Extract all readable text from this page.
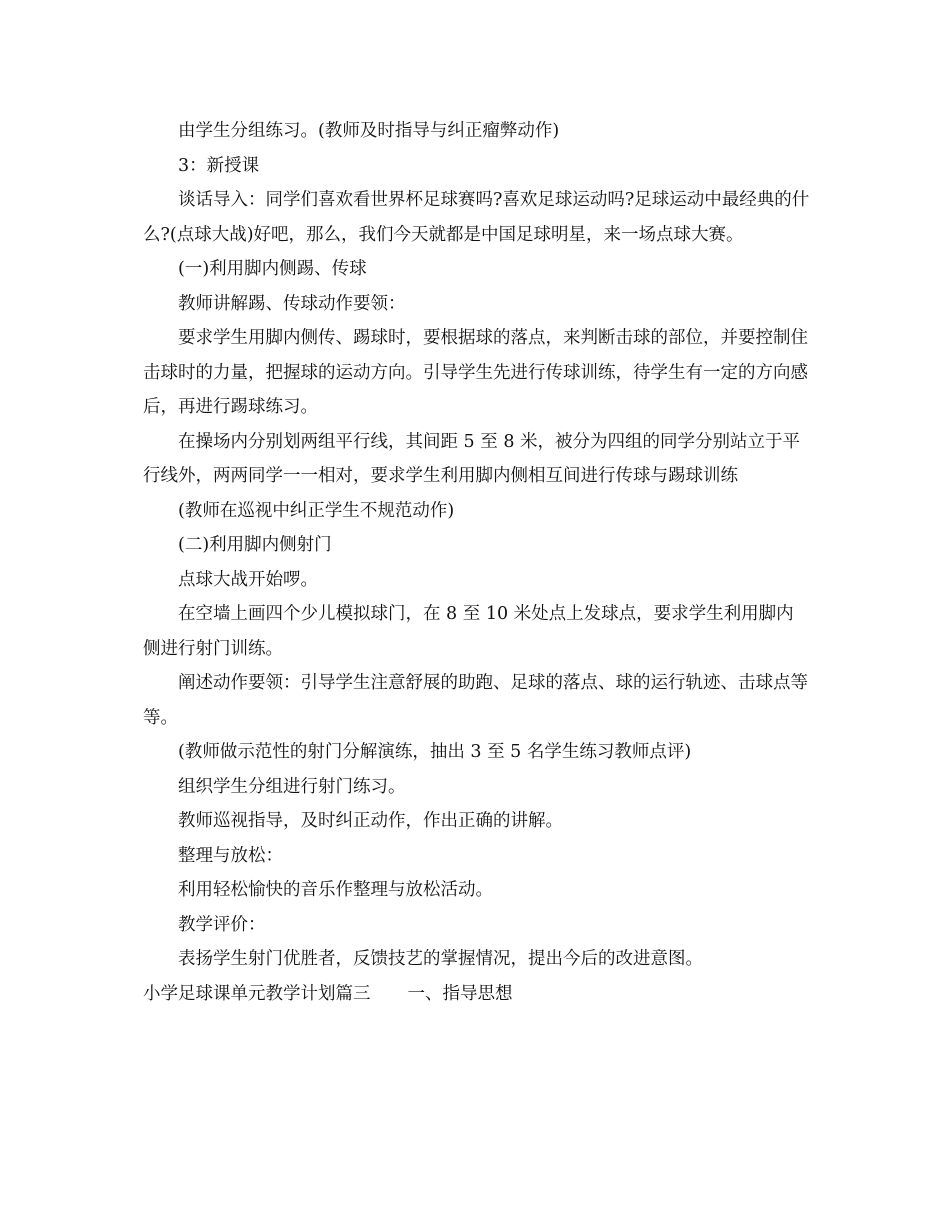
由学生分组练习。(教师及时指导与纠正瘤弊动作)

3：新授课

谈话导入：同学们喜欢看世界杯足球赛吗?喜欢足球运动吗?足球运动中最经典的什么?(点球大战)好吧，那么，我们今天就都是中国足球明星，来一场点球大赛。

(一)利用脚内侧踢、传球

教师讲解踢、传球动作要领：

要求学生用脚内侧传、踢球时，要根据球的落点，来判断击球的部位，并要控制住击球时的力量，把握球的运动方向。引导学生先进行传球训练，待学生有一定的方向感后，再进行踢球练习。

在操场内分别划两组平行线，其间距 5 至 8 米，被分为四组的同学分别站立于平行线外，两两同学一一相对，要求学生利用脚内侧相互间进行传球与踢球训练

(教师在巡视中纠正学生不规范动作)

(二)利用脚内侧射门

点球大战开始啰。

在空墙上画四个少儿模拟球门，在 8 至 10 米处点上发球点，要求学生利用脚内侧进行射门训练。

阐述动作要领：引导学生注意舒展的助跑、足球的落点、球的运行轨迹、击球点等等。

(教师做示范性的射门分解演练，抽出 3 至 5 名学生练习教师点评)

组织学生分组进行射门练习。

教师巡视指导，及时纠正动作，作出正确的讲解。

整理与放松：

利用轻松愉快的音乐作整理与放松活动。

教学评价：

表扬学生射门优胜者，反馈技艺的掌握情况，提出今后的改进意图。

小学足球课单元教学计划篇三 一、指导思想
